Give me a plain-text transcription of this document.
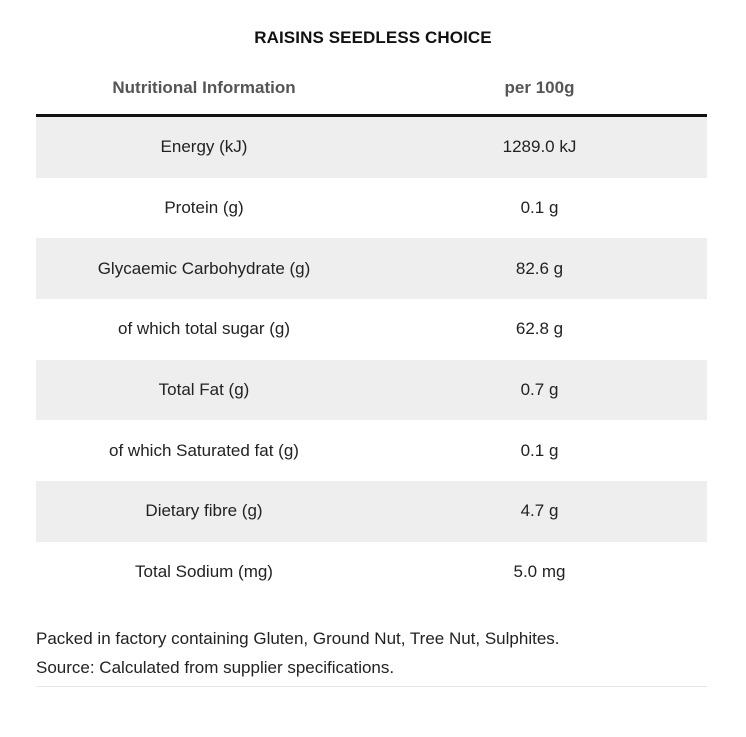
RAISINS SEEDLESS CHOICE
Nutritional Information	per 100g
Energy (kJ)	1289.0 kJ
Protein (g)	0.1 g
Glycaemic Carbohydrate (g)	82.6 g
of which total sugar (g)	62.8 g
Total Fat (g)	0.7 g
of which Saturated fat (g)	0.1 g
Dietary fibre (g)	4.7 g
Total Sodium (mg)	5.0 mg
Packed in factory containing Gluten, Ground Nut, Tree Nut, Sulphites.
Source: Calculated from supplier specifications.
